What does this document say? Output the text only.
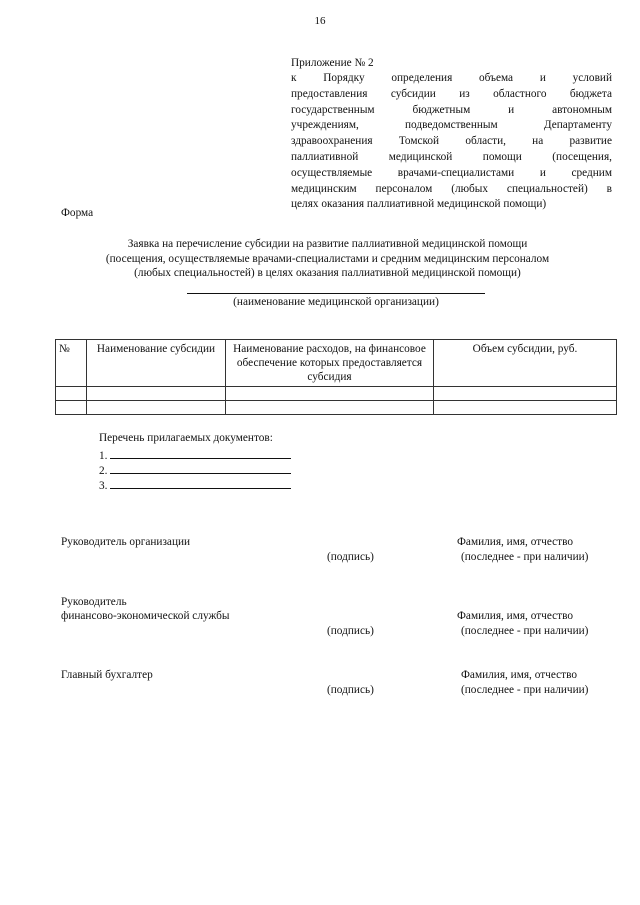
16
Приложение № 2
к Порядку определения объема и условий
предоставления субсидии из областного бюджета
государственным бюджетным и автономным
учреждениям, подведомственным Департаменту
здравоохранения Томской области, на развитие
паллиативной медицинской помощи (посещения,
осуществляемые врачами-специалистами и средним
медицинским персоналом (любых специальностей) в
целях оказания паллиативной медицинской помощи)
Форма
Заявка на перечисление субсидии на развитие паллиативной медицинской помощи
(посещения, осуществляемые врачами-специалистами и средним медицинским персоналом
(любых специальностей) в целях оказания паллиативной медицинской помощи)
(наименование медицинской организации)
№	Наименование субсидии	Наименование расходов, на финансовое обеспечение которых предоставляется субсидия	Объем субсидии, руб.

Перечень прилагаемых документов:
1.
2.
3.
Руководитель организации	Фамилия, имя, отчество
(подпись)	(последнее - при наличии)
Руководитель
финансово-экономической службы	Фамилия, имя, отчество
(подпись)	(последнее - при наличии)
Главный бухгалтер	Фамилия, имя, отчество
(подпись)	(последнее - при наличии)
